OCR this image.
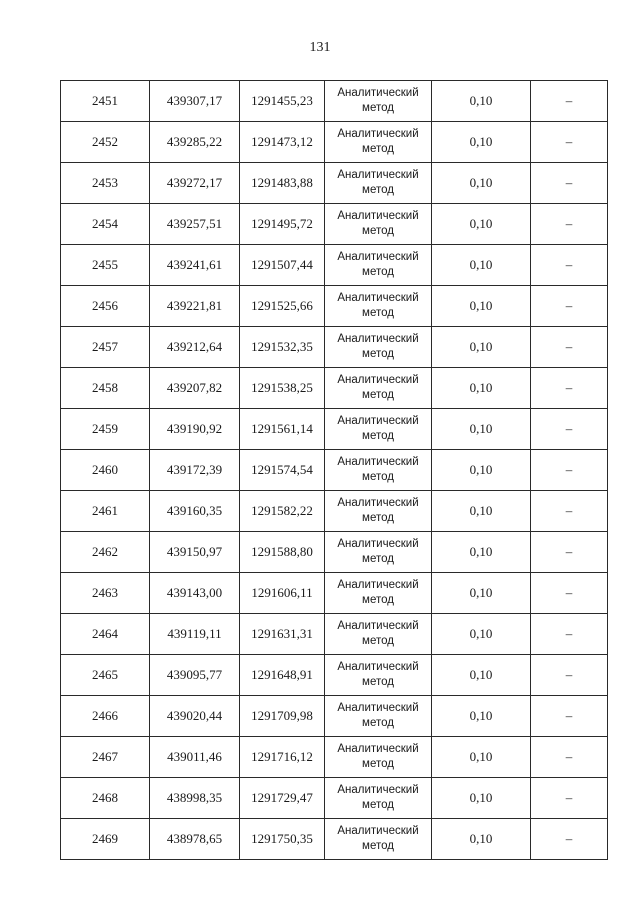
131
2451	439307,17	1291455,23	Аналитический
метод	0,10	–
2452	439285,22	1291473,12	Аналитический
метод	0,10	–
2453	439272,17	1291483,88	Аналитический
метод	0,10	–
2454	439257,51	1291495,72	Аналитический
метод	0,10	–
2455	439241,61	1291507,44	Аналитический
метод	0,10	–
2456	439221,81	1291525,66	Аналитический
метод	0,10	–
2457	439212,64	1291532,35	Аналитический
метод	0,10	–
2458	439207,82	1291538,25	Аналитический
метод	0,10	–
2459	439190,92	1291561,14	Аналитический
метод	0,10	–
2460	439172,39	1291574,54	Аналитический
метод	0,10	–
2461	439160,35	1291582,22	Аналитический
метод	0,10	–
2462	439150,97	1291588,80	Аналитический
метод	0,10	–
2463	439143,00	1291606,11	Аналитический
метод	0,10	–
2464	439119,11	1291631,31	Аналитический
метод	0,10	–
2465	439095,77	1291648,91	Аналитический
метод	0,10	–
2466	439020,44	1291709,98	Аналитический
метод	0,10	–
2467	439011,46	1291716,12	Аналитический
метод	0,10	–
2468	438998,35	1291729,47	Аналитический
метод	0,10	–
2469	438978,65	1291750,35	Аналитический
метод	0,10	–
